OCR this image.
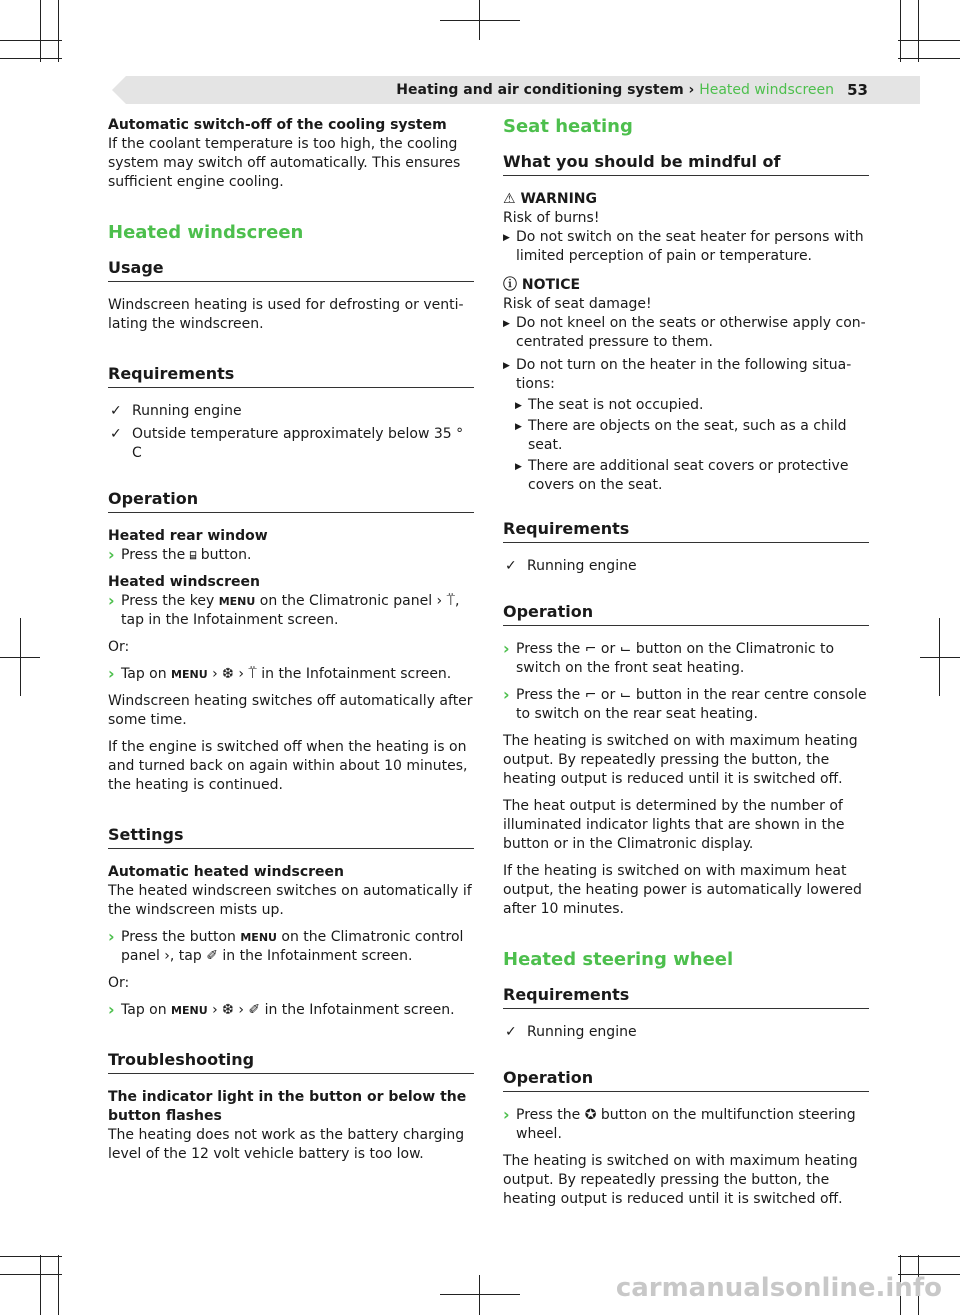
Heating and air conditioning system › Heated windscreen 53

Automatic switch-off of the cooling system
If the coolant temperature is too high, the cooling system may switch off automatically. This ensures sufficient engine cooling.

Heated windscreen
Usage

Windscreen heating is used for defrosting or ventilating the windscreen.

Requirements
✓ Running engine
✓ Outside temperature approximately below 35 ° C
Operation
Heated rear window
› Press the ⌸ button.
Heated windscreen
› Press the key MENU on the Climatronic panel › ⍡,
tap in the Infotainment screen.

Or:

› Tap on MENU › ❆ › ⍡ in the Infotainment screen.

Windscreen heating switches off automatically after some time.

If the engine is switched off when the heating is on and turned back on again within about 10 minutes, the heating is continued.

Settings

Automatic heated windscreen
The heated windscreen switches on automatically if the windscreen mists up.

› Press the button MENU on the Climatronic control panel ›, tap ✐ in the Infotainment screen.

Or:

› Tap on MENU › ❆ › ✐ in the Infotainment screen.
Troubleshooting

The indicator light in the button or below the button flashes
The heating does not work as the battery charging level of the 12 volt vehicle battery is too low.

Seat heating
What you should be mindful of
⚠ WARNING
Risk of burns!
▶ Do not switch on the seat heater for persons with limited perception of pain or temperature.
ⓘ NOTICE
Risk of seat damage!
▶ Do not kneel on the seats or otherwise apply concentrated pressure to them.
▶ Do not turn on the heater in the following situations:
▶ The seat is not occupied.
▶ There are objects on the seat, such as a child seat.
▶ There are additional seat covers or protective covers on the seat.
Requirements
✓ Running engine
Operation
› Press the ⌐ or ⌙ button on the Climatronic to switch on the front seat heating.
› Press the ⌐ or ⌙ button in the rear centre console to switch on the rear seat heating.

The heating is switched on with maximum heating output. By repeatedly pressing the button, the heating output is reduced until it is switched off.

The heat output is determined by the number of illuminated indicator lights that are shown in the button or in the Climatronic display.

If the heating is switched on with maximum heat output, the heating power is automatically lowered after 10 minutes.

Heated steering wheel
Requirements
✓ Running engine
Operation
› Press the ✪ button on the multifunction steering wheel.

The heating is switched on with maximum heating output. By repeatedly pressing the button, the heating output is reduced until it is switched off.

carmanualsonline.info
